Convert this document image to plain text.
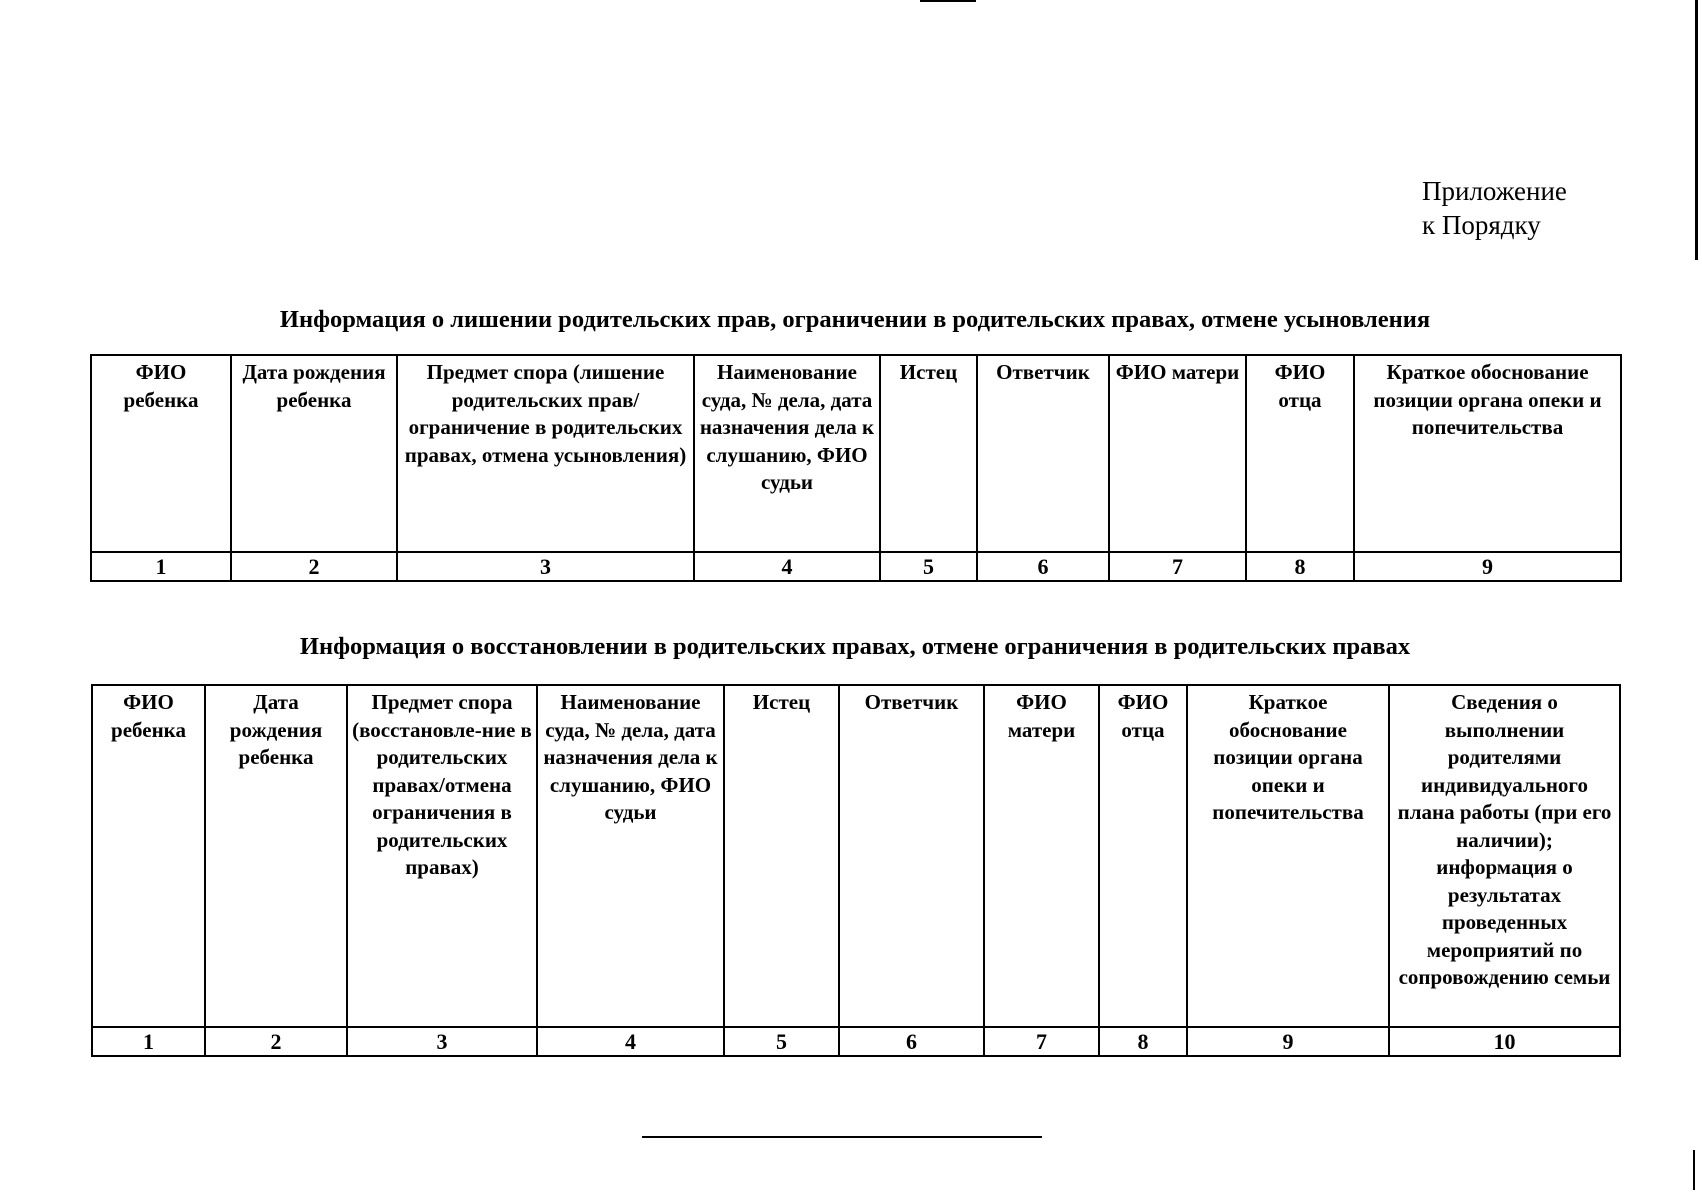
Приложение
к Порядку
Информация о лишении родительских прав, ограничении в родительских правах, отмене усыновления
ФИО ребенка	Дата рождения ребенка	Предмет спора (лишение родительских прав/ограничение в родительских правах, отмена усыновления)	Наименование суда, № дела, дата назначения дела к слушанию, ФИО судьи	Истец	Ответчик	ФИО матери	ФИО отца	Краткое обоснование позиции органа опеки и попечительства
1	2	3	4	5	6	7	8	9
Информация о восстановлении в родительских правах, отмене ограничения в родительских правах
ФИО ребенка	Дата рождения ребенка	Предмет спора (восстановле-ние в родительских правах/отмена ограничения в родительских правах)	Наименование суда, № дела, дата назначения дела к слушанию, ФИО судьи	Истец	Ответчик	ФИО матери	ФИО отца	Краткое обоснование позиции органа опеки и попечительства	Сведения о выполнении родителями индивидуального плана работы (при его наличии); информация о результатах проведенных мероприятий по сопровождению семьи
1	2	3	4	5	6	7	8	9	10
